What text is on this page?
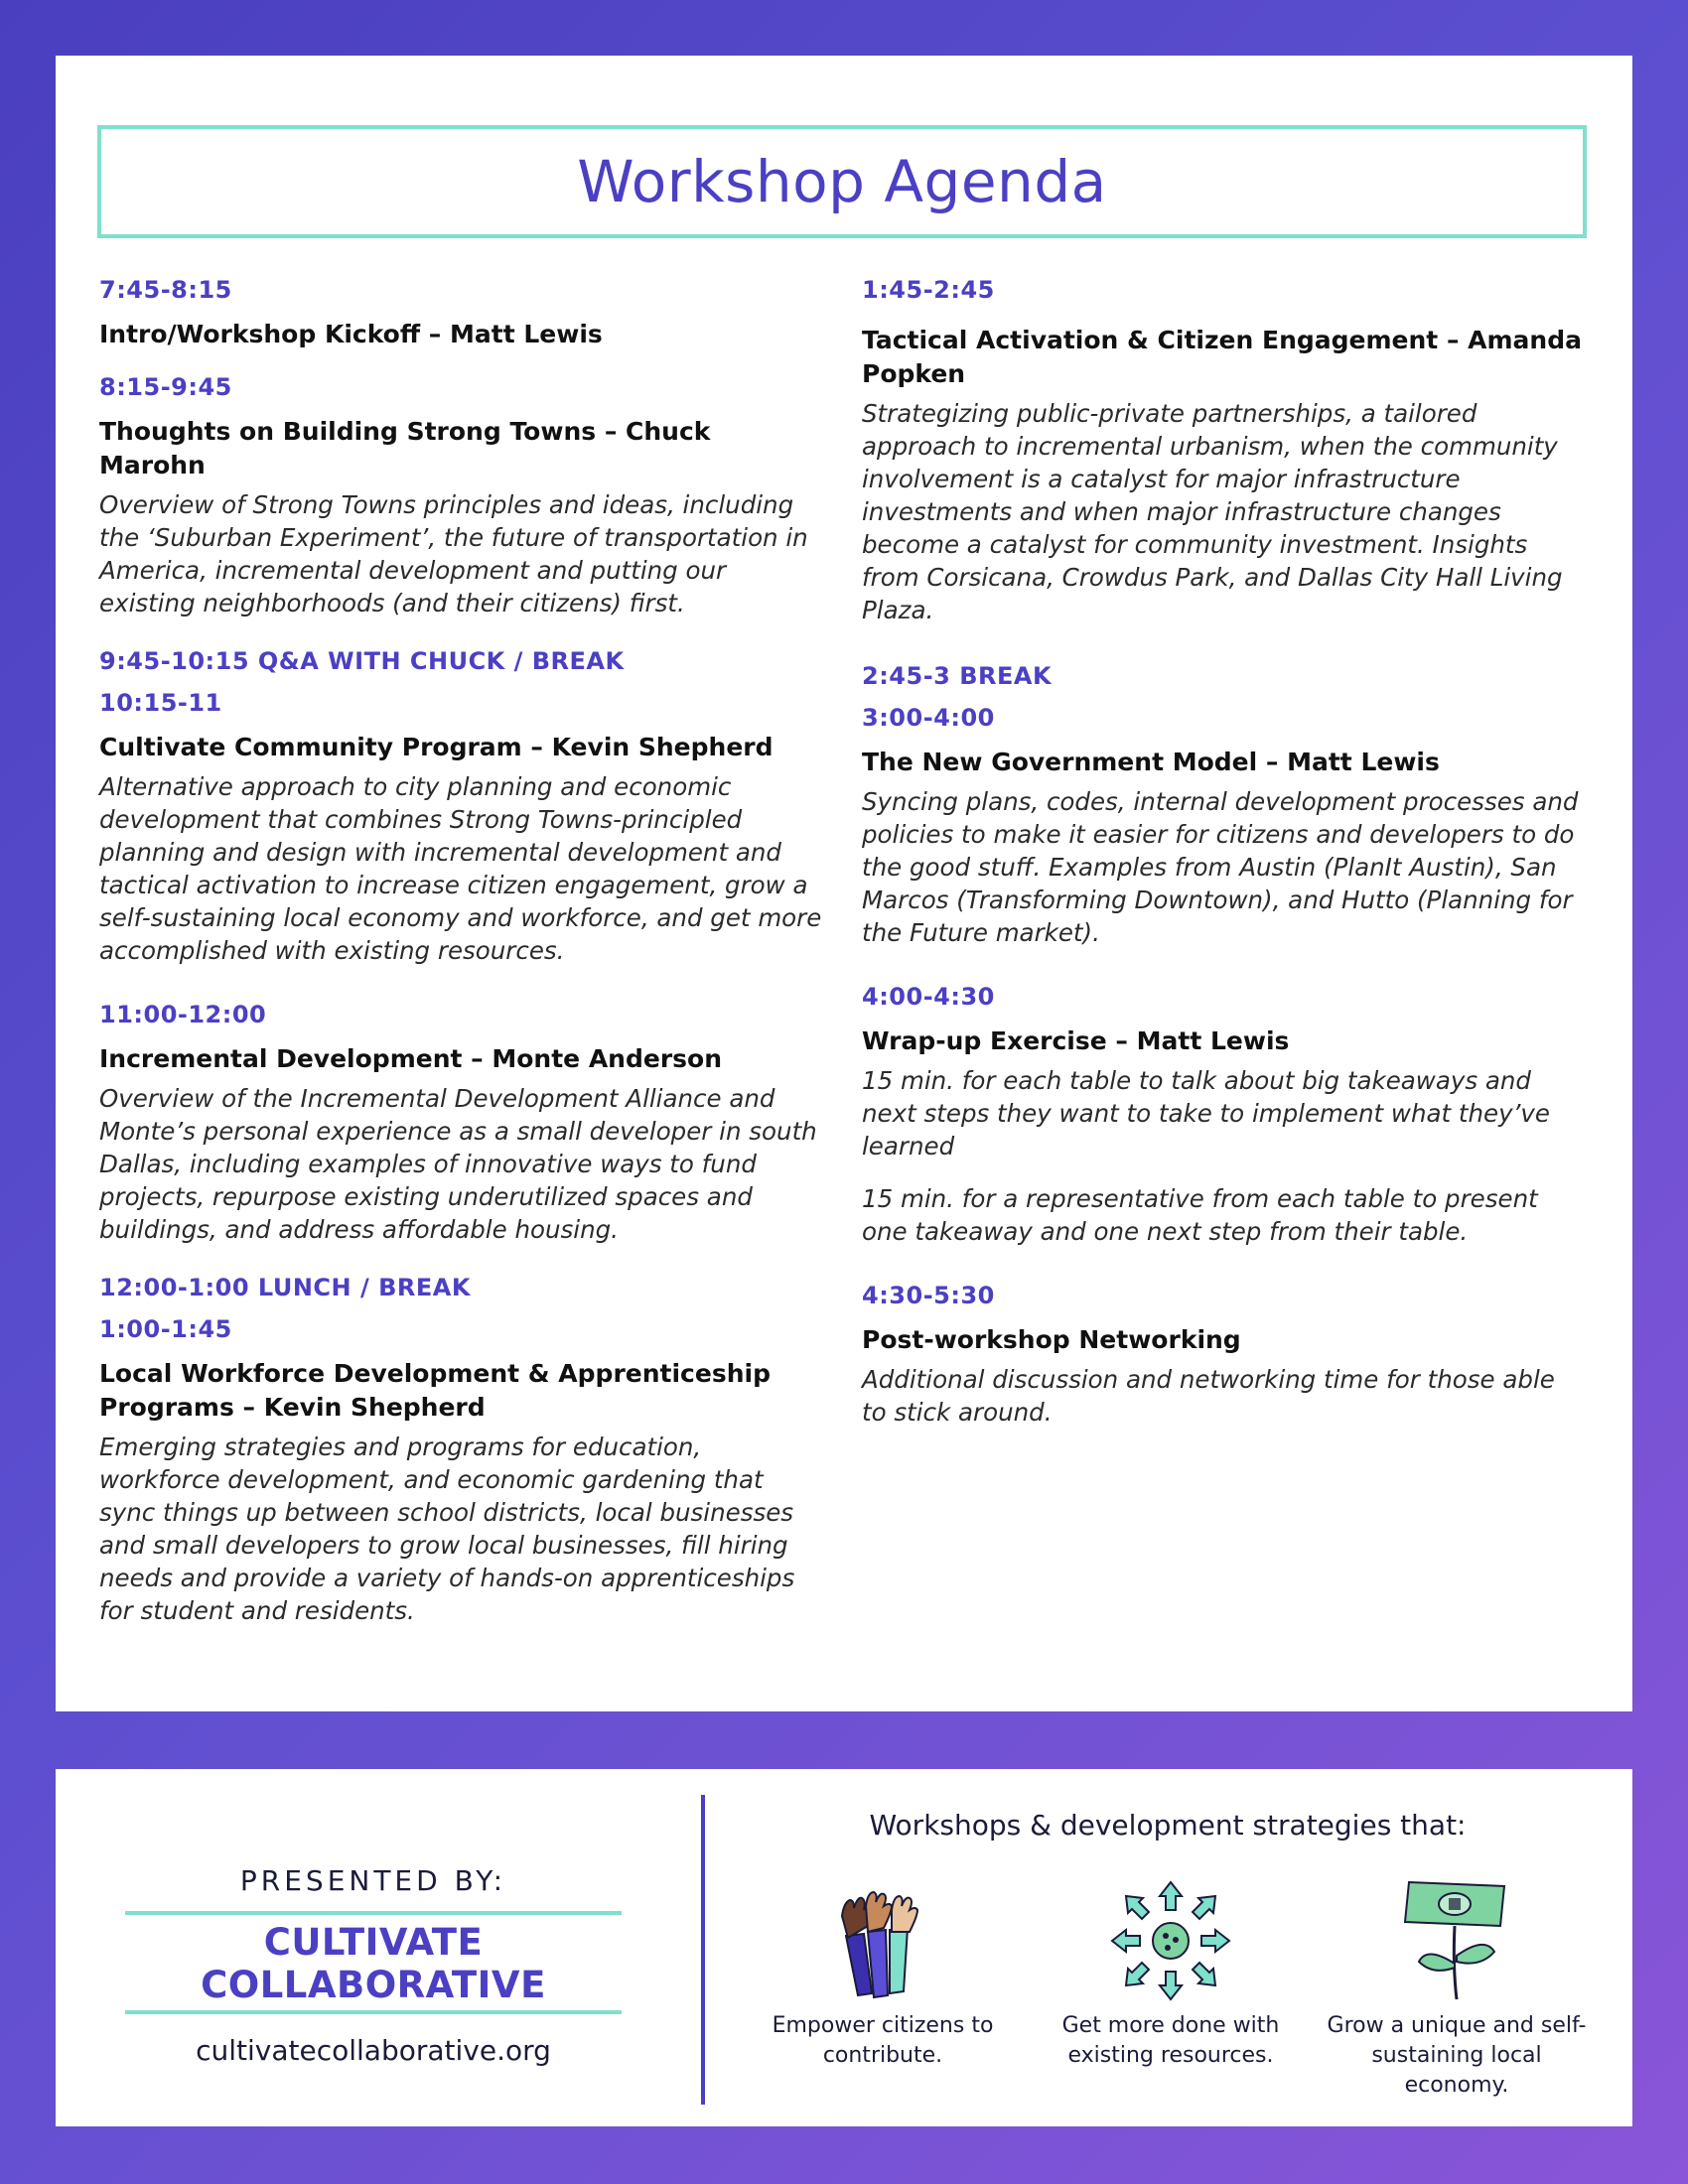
Workshop Agenda

7:45-8:15

Intro/Workshop Kickoff – Matt Lewis

8:15-9:45

Thoughts on Building Strong Towns – Chuck Marohn

Overview of Strong Towns principles and ideas, including the ‘Suburban Experiment’, the future of transportation in America, incremental development and putting our existing neighborhoods (and their citizens) first.

9:45-10:15 Q&A WITH CHUCK / BREAK

10:15-11

Cultivate Community Program – Kevin Shepherd

Alternative approach to city planning and economic development that combines Strong Towns-principled planning and design with incremental development and tactical activation to increase citizen engagement, grow a self-sustaining local economy and workforce, and get more accomplished with existing resources.

11:00-12:00

Incremental Development – Monte Anderson

Overview of the Incremental Development Alliance and Monte’s personal experience as a small developer in south Dallas, including examples of innovative ways to fund projects, repurpose existing underutilized spaces and buildings, and address affordable housing.

12:00-1:00 LUNCH / BREAK

1:00-1:45

Local Workforce Development & Apprenticeship Programs – Kevin Shepherd

Emerging strategies and programs for education, workforce development, and economic gardening that sync things up between school districts, local businesses and small developers to grow local businesses, fill hiring needs and provide a variety of hands-on apprenticeships for student and residents.

1:45-2:45

Tactical Activation & Citizen Engagement – Amanda Popken

Strategizing public-private partnerships, a tailored approach to incremental urbanism, when the community involvement is a catalyst for major infrastructure investments and when major infrastructure changes become a catalyst for community investment. Insights from Corsicana, Crowdus Park, and Dallas City Hall Living Plaza.

2:45-3 BREAK

3:00-4:00

The New Government Model – Matt Lewis

Syncing plans, codes, internal development processes and policies to make it easier for citizens and developers to do the good stuff. Examples from Austin (PlanIt Austin), San Marcos (Transforming Downtown), and Hutto (Planning for the Future market).

4:00-4:30

Wrap-up Exercise – Matt Lewis

15 min. for each table to talk about big takeaways and next steps they want to take to implement what they’ve learned

15 min. for a representative from each table to present one takeaway and one next step from their table.

4:30-5:30

Post-workshop Networking

Additional discussion and networking time for those able to stick around.

PRESENTED BY:
CULTIVATE COLLABORATIVE
cultivatecollaborative.org
Workshops & development strategies that:
Empower citizens to contribute.
Get more done with existing resources.
Grow a unique and self-sustaining local economy.
